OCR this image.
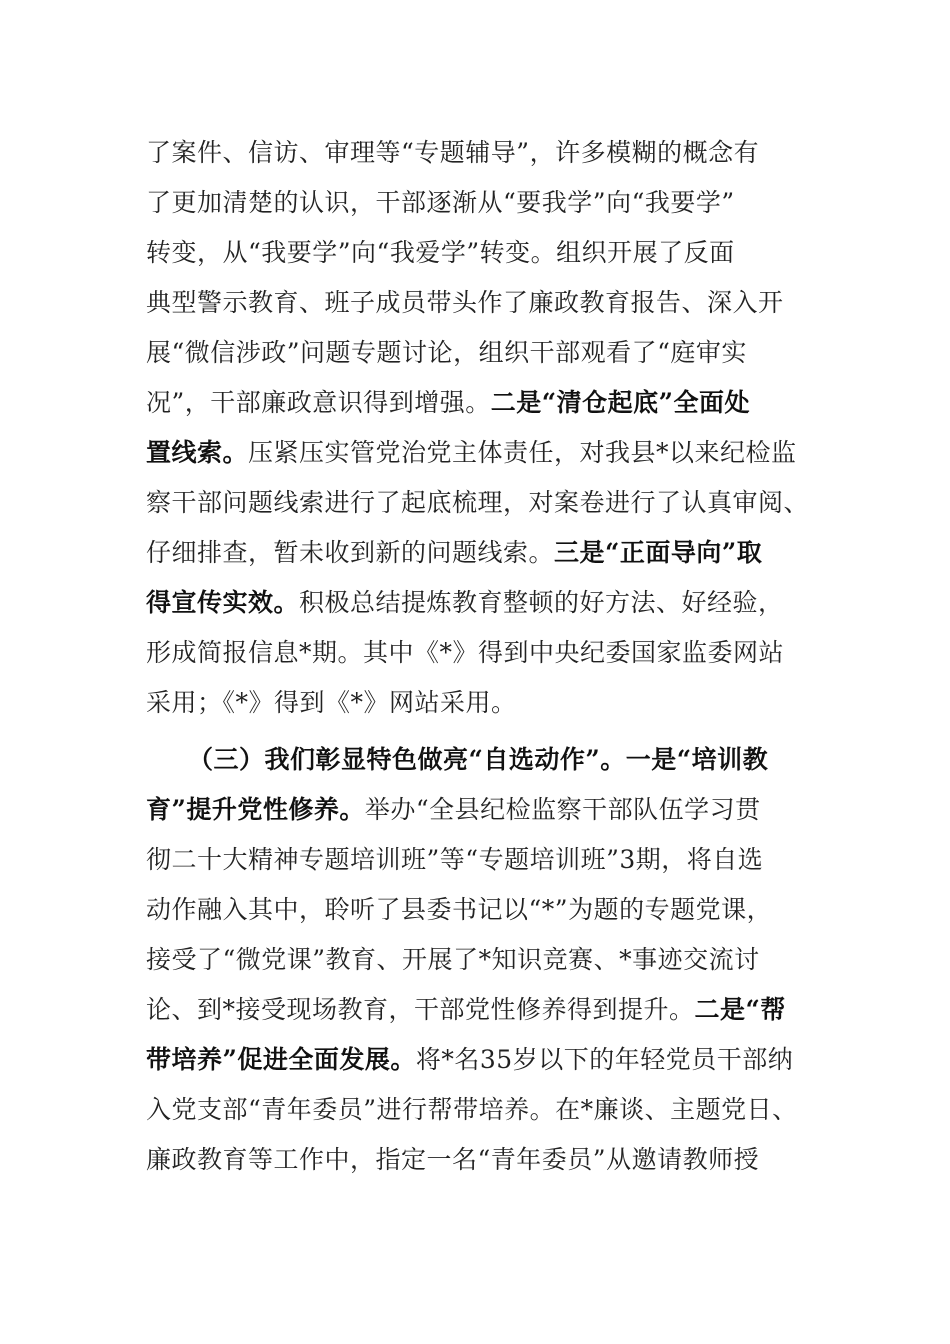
了案件、信访、审理等“专题辅导”，许多模糊的概念有
了更加清楚的认识，干部逐渐从“要我学”向“我要学”
转变，从“我要学”向“我爱学”转变。组织开展了反面
典型警示教育、班子成员带头作了廉政教育报告、深入开
展“微信涉政”问题专题讨论，组织干部观看了“庭审实
况”，干部廉政意识得到增强。二是“清仓起底”全面处
置线索。压紧压实管党治党主体责任，对我县*以来纪检监
察干部问题线索进行了起底梳理，对案卷进行了认真审阅、
仔细排查，暂未收到新的问题线索。三是“正面导向”取
得宣传实效。积极总结提炼教育整顿的好方法、好经验，
形成简报信息*期。其中《*》得到中央纪委国家监委网站
采用；《*》得到《*》网站采用。
（三）我们彰显特色做亮“自选动作”。一是“培训教
育”提升党性修养。举办“全县纪检监察干部队伍学习贯
彻二十大精神专题培训班”等“专题培训班”3期，将自选
动作融入其中，聆听了县委书记以“*”为题的专题党课，
接受了“微党课”教育、开展了*知识竞赛、*事迹交流讨
论、到*接受现场教育，干部党性修养得到提升。二是“帮
带培养”促进全面发展。将*名35岁以下的年轻党员干部纳
入党支部“青年委员”进行帮带培养。在*廉谈、主题党日、
廉政教育等工作中，指定一名“青年委员”从邀请教师授
